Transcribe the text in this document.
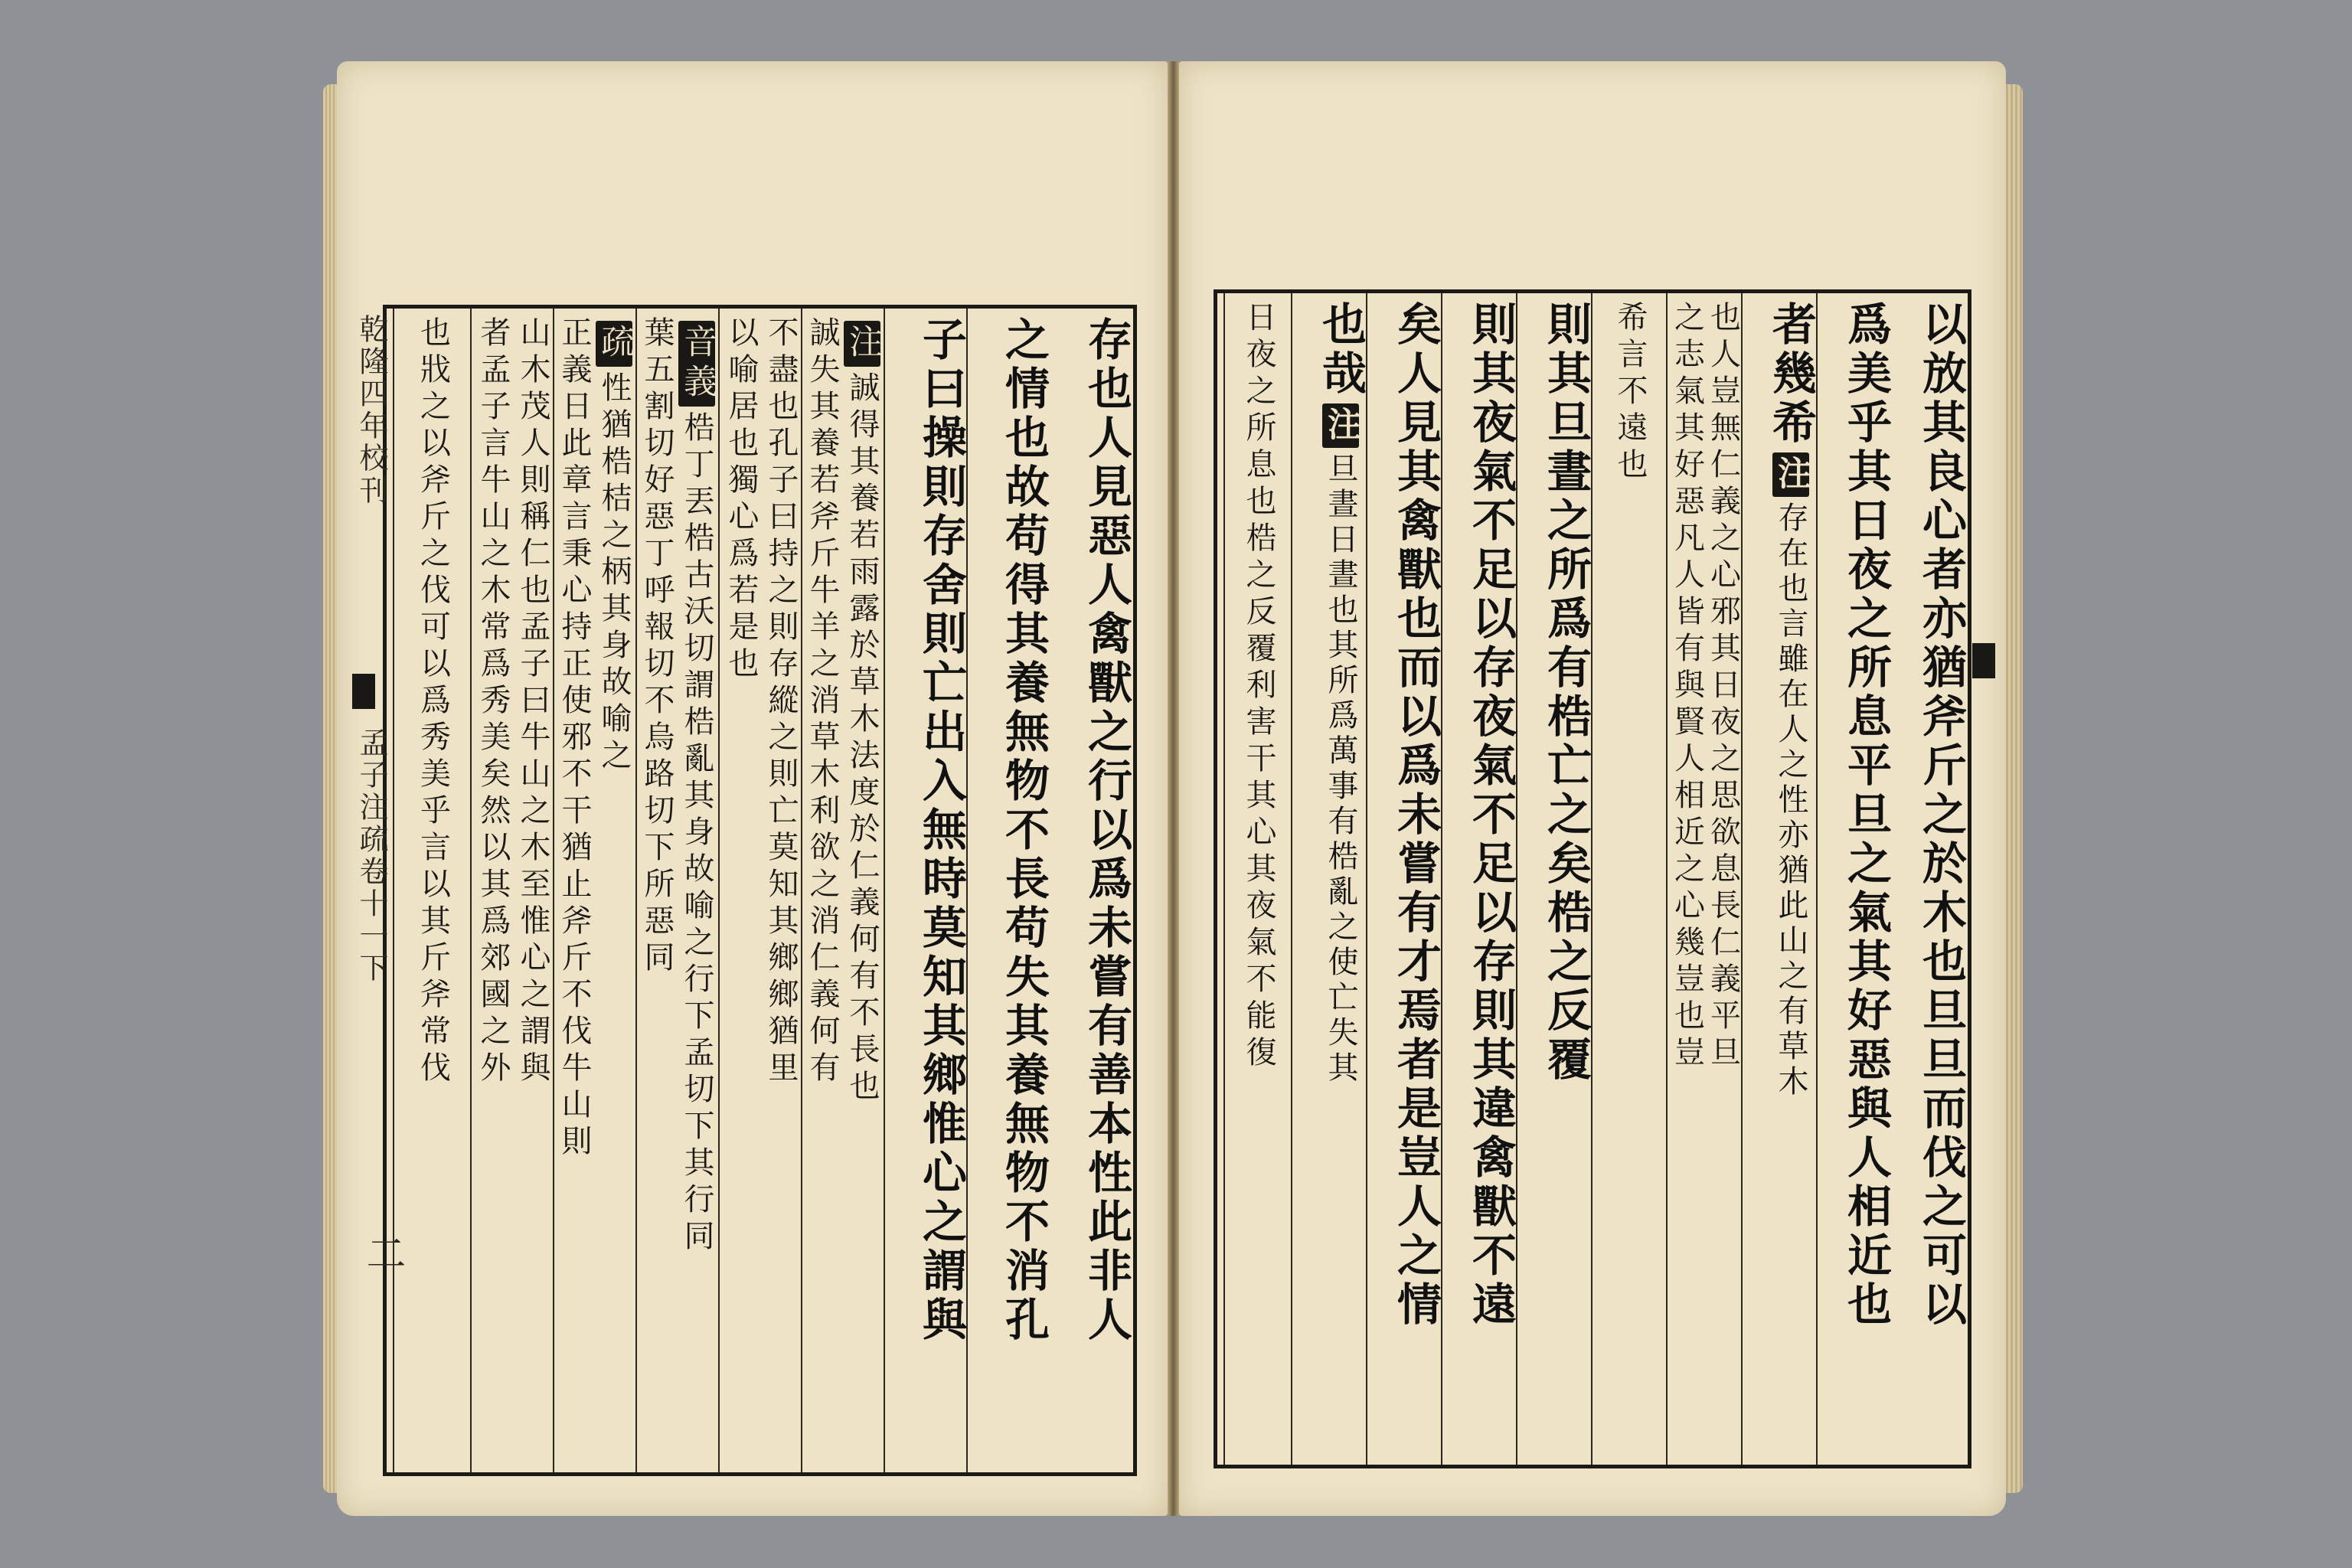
存也人見惡人禽獸之行以爲未嘗有善本性此非人
之情也故苟得其養無物不長苟失其養無物不消孔
子曰操則存舍則亡出入無時莫知其鄉惟心之謂與
注誠得其養若雨露於草木法度於仁義何有不長也
誠失其養若斧斤牛羊之消草木利欲之消仁義何有
不盡也孔子曰持之則存縱之則亡莫知其鄉鄉猶里
以喻居也獨心爲若是也
音義梏丁丟梏古沃切謂梏亂其身故喻之行下孟切下其行同
葉五割切好惡丁呼報切不烏路切下所惡同
疏性猶梏桔之柄其身故喻之
正義日此章言秉心持正使邪不干猶止斧斤不伐牛山則
山木茂人則稱仁也孟子曰牛山之木至惟心之謂與
者孟子言牛山之木常爲秀美矣然以其爲郊國之外
也戕之以斧斤之伐可以爲秀美乎言以其斤斧常伐
乾隆四年校刊
孟子注疏卷十一下
二	以放其良心者亦猶斧斤之於木也旦旦而伐之可以
爲美乎其日夜之所息平旦之氣其好惡與人相近也
者幾希注存在也言雖在人之性亦猶此山之有草木
也人豈無仁義之心邪其日夜之思欲息長仁義平旦
之志氣其好惡凡人皆有與賢人相近之心幾豈也豈
希言不遠也
則其旦晝之所爲有梏亡之矣梏之反覆
則其夜氣不足以存夜氣不足以存則其違禽獸不遠
矣人見其禽獸也而以爲未嘗有才焉者是豈人之情
也哉注旦晝日晝也其所爲萬事有梏亂之使亡失其
日夜之所息也梏之反覆利害干其心其夜氣不能復
